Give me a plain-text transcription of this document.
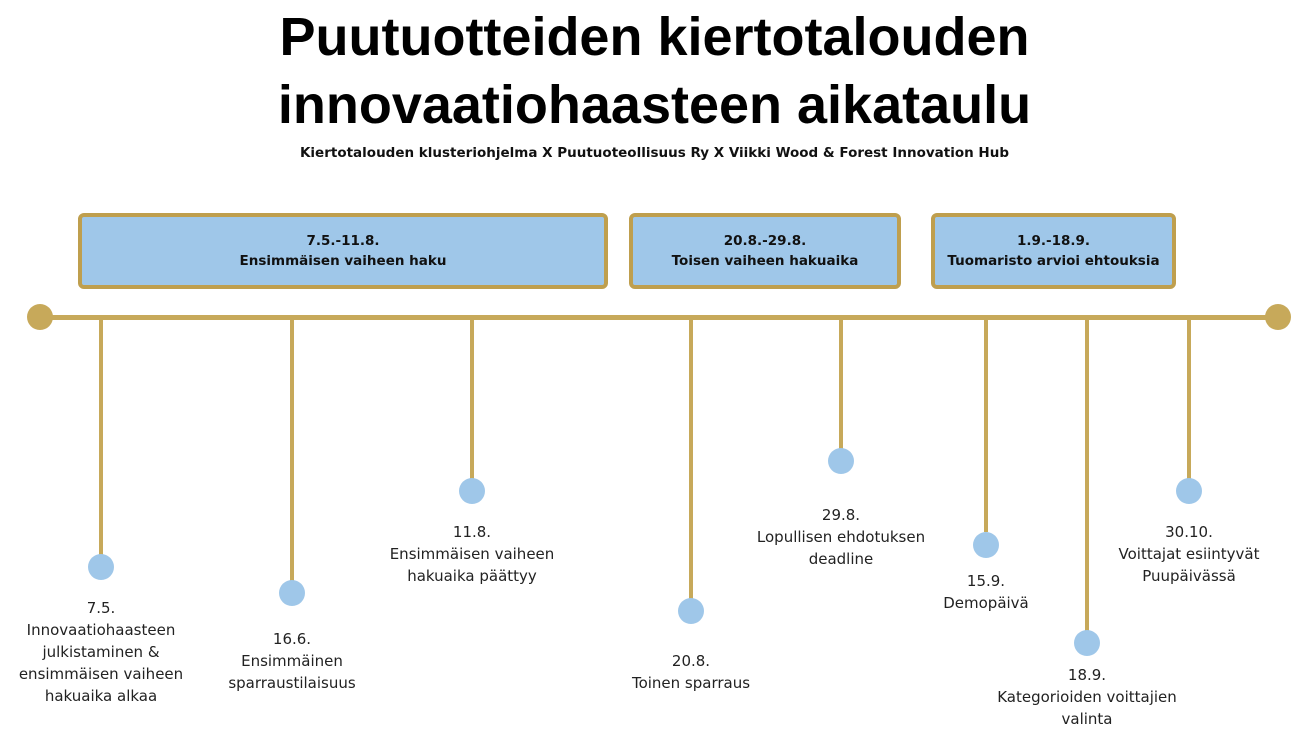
Puutuotteiden kiertotalouden
innovaatiohaasteen aikataulu
Kiertotalouden klusteriohjelma X Puutuoteollisuus Ry X Viikki Wood & Forest Innovation Hub
7.5.-11.8.
Ensimmäisen vaiheen haku
20.8.-29.8.
Toisen vaiheen hakuaika
1.9.-18.9.
Tuomaristo arvioi ehtouksia
7.5.
Innovaatiohaasteen
julkistaminen &
ensimmäisen vaiheen
hakuaika alkaa
16.6.
Ensimmäinen
sparraustilaisuus
11.8.
Ensimmäisen vaiheen
hakuaika päättyy
20.8.
Toinen sparraus
29.8.
Lopullisen ehdotuksen
deadline
15.9.
Demopäivä
18.9.
Kategorioiden voittajien
valinta
30.10.
Voittajat esiintyvät
Puupäivässä
